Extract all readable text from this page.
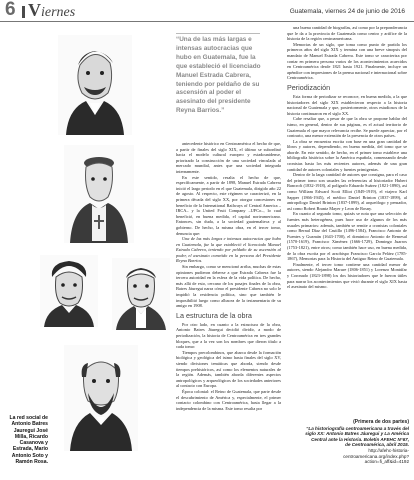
6 Viernes	Guatemala, viernes 24 de junio de 2016
La red social de Antonio Batres Jauregui José Milla, Ricardo Casanova y Estrada, Mario Antonio Soto y Ramón Rosa.
“Una de las más largas e intensas autocracias que hubo en Guatemala, fue la que estableció el licenciado Manuel Estrada Cabrera, teniendo por peldaño de su ascensión al poder el asesinato del presidente Reyna Barrios.”

antecedente histórico en Centroamérica el hecho de que, a partir de finales del siglo XIX, el último se subordinó hacia el modelo cultural europeo y estadounidense, priorizado la construcción de una sociedad vinculada al mercado mundial, antes que una sociedad integrada internamente.

En este sentido, resalta el hecho de que, específicamente, a partir de 1898, Manuel Estrada Cabrera inició el largo periodo en el que Guatemala, dirigido año 22 de agosto. Al respecto, este régimen se caracterizó, en la primera década del siglo XX, por otorgar concesiones en beneficio de la International Railways of Central America – IRCA– y la United Fruit Company –UFCo–, lo cual benefició, en buena medida, el capital norteamericano. Entonces, sin duda, a la sociedad guatemalteca y al gobierno. De hecho, la misma obra, en el tercer tomo, denuncia que:

Una de las más largas e intensas autocracias que hubo en Guatemala, fue la que estableció el licenciado Manuel Estrada Cabrera, teniendo por peldaño de su ascensión al poder, el asesinato cometido en la persona del Presidente Reyna Barrios.

Sin embargo, como se mencionó arriba, muchas de estas opiniones pudieron deberse a que Estrada Cabrera fue la tercera autoridad en la esfera de la vida política. De hecho, más allá de esto, cercano de los pasajes finales de la obra, Batres Jáuregui narra cómo el presidente Cabrera no solo le impidió la residencia política, sino que también le imposibilitó luego como albacea de la testamentaria de su amigo en 1908.

La estructura de la obra

Por otro lado, en cuanto a la estructura de la obra, Antonio Batres Jáuregui decidió dividir, a modo de periodización, la historia de Centroamérica en tres grandes bloques, que a la vez son los nombres que dieron título a cada tomo:

Tiempos precolombinos, que abarca desde la formación biológica y geológica del istmo hasta finales del siglo XV, siendo divisiones temáticas que aborda, siendo desde tiempos prehistóricos, así como los elementos naturales de la región. Además, también aborda diferentes aspectos antropológicos y arqueológicos de los sociedades anteriores al contacto con Europa.

Época colonial: el Reino de Guatemala, que parte desde el descubrimiento de América y, especialmente, el primer contacto colombino con Centroamérica, hasta llegar a la independencia de la misma. Este tomo resalta por

una buena cantidad de biografías, así como por la preponderancia que le da a la provincia de Guatemala como centro y artífice de la historia de la región centroamericana.

Memorias de un siglo, que toma como punto de partida los primeros años del siglo XIX y termina con una breve sinopsis del mandato de Manuel Estrada Cabrera. Este tomo se caracteriza por contar en primera persona varios de los acontecimientos acaecidos en Centroamérica desde 1821 hasta 1921. Finalmente, incluye un apéndice con impresiones de la prensa nacional e internacional sobre Centroamérica.

Periodización

Esta forma de periodizar se reconoce, en buena medida, a la que historiadores del siglo XIX establecieron respecto a la historia nacional de Guatemala y que, posteriormente, otros estudiosos de la historia continuaron en el siglo XX.

Cabe resaltar que, a pesar de que la obra se propone hablar del istmo, en general, dentro de sus páginas, es el actual territorio de Guatemala el que mayor relevancia recibe. Se puede apreciar, por el contrario, una menor extensión de la presencia de otros países.

La obra se encuentra escrita con base en una gran cantidad de libros y autores, dependiendo, en buena medida, del tomo que se aborde. En este sentido, de hecho, en el primer tomo establece una bibliografía histórica sobre la América española, comenzando desde cronistas hasta los más recientes autores, además de una gran cantidad de autores coloniales y fuentes primigenias.

Dentro de la larga cantidad de autores que consigna, para el caso del primer tomo son usuales las referencias al historiador Hubert Bancroft (1832-1918), al polígrafo Eduardo Suárez (1821-1890), así como William Edward Scott Elliot (1849-1919), el viajero Karl Sapper (1866-1945), el médico Daniel Brinton (1837-1899), al antropólogo Daniel Brinton (1837-1899), al arqueólogo y pensador, así como Robert Brantz Mayer y Leon de Rosny.

En cuanto al segundo tomo, quizás se nota que una selección de fuentes más heterogénea, pues hace uso de algunos de los más usuales primarios: además, también se remite a cronistas coloniales como Bernal Díaz del Castillo (1496-1584), Francisco Antonio de Fuentes y Guzmán (1643-1700), el dominico Antonio de Remesal (1570-1619), Francisco Ximénez (1666-1729), Domingo Juarros (1753-1821), entre otros; como también hace uso, en buena medida, de la obra escrita por el arzobispo Francisco García Peláez (1785-1867), Memorias para la Historia del Antiguo Reino de Guatemala.

Finalmente, el tercer tomo contiene una cantidad menor de autores, siendo Alejandro Marure (1806-1851) y Lorenzo Montúfar y Coronado (1823-1898) los dos historiadores que le fueron útiles para narrar los acontecimientos que vivió durante el siglo XIX hasta el asesinato del mismo.

(Primera de dos partes)
“La historiografía centroamericana a través del siglo XX: Antonio Batres Jáuregui y La América Central ante la Historia. Boletín AFEHC N°67, de Centroamérica, abril 2015.
http://afehc-historia-centroamericana.org/index.php?action=fi_aff&id=4192
